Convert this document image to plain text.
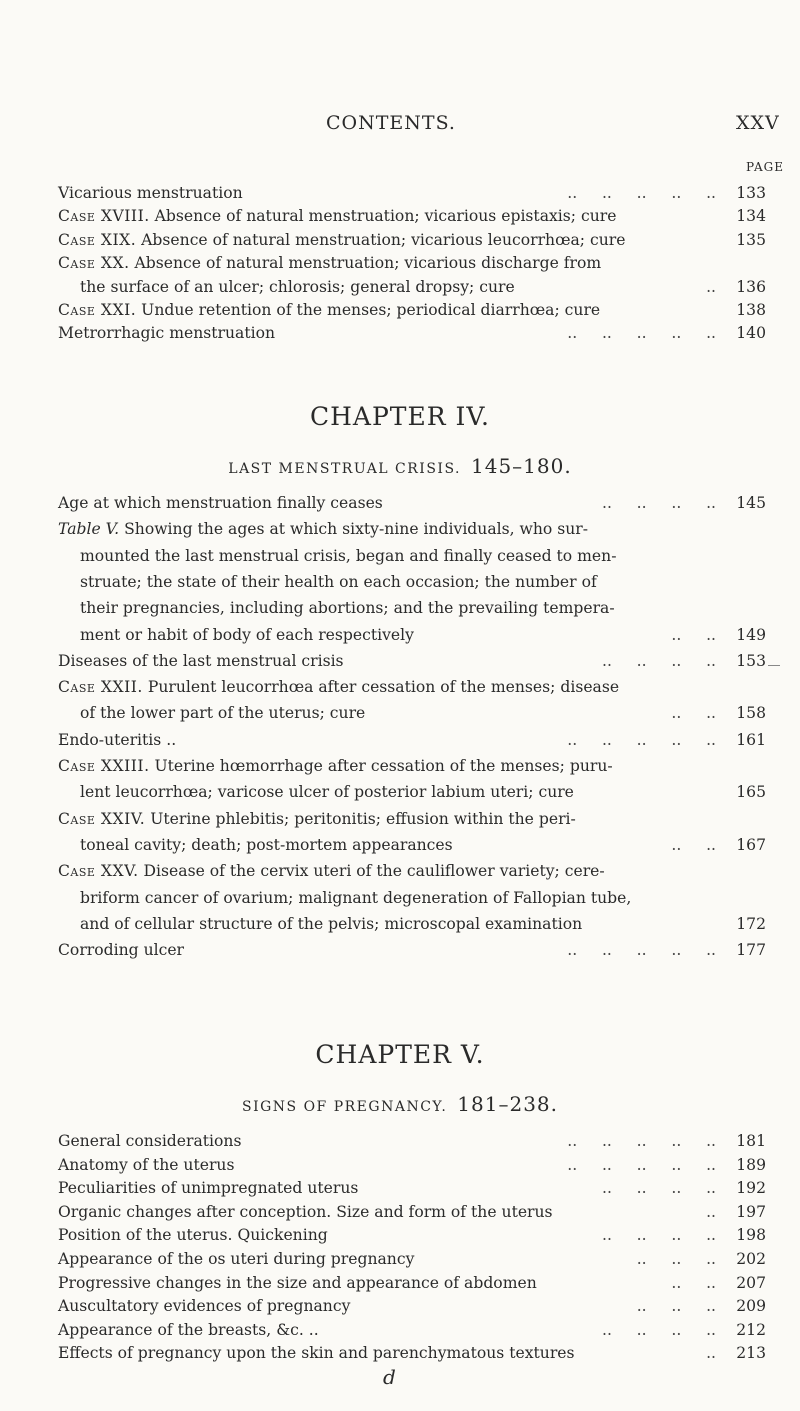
CONTENTS.	XXV
PAGE
Vicarious menstruation	..     ..     ..     ..     .. 133
Case XVIII. Absence of natural menstruation; vicarious epistaxis; cure	134
Case XIX. Absence of natural menstruation; vicarious leucorrhœa; cure	135
Case XX. Absence of natural menstruation; vicarious discharge from
the surface of an ulcer; chlorosis; general dropsy; cure	.. 136
Case XXI. Undue retention of the menses; periodical diarrhœa; cure	138
Metrorrhagic menstruation	..     ..     ..     ..     .. 140
CHAPTER IV.
LAST MENSTRUAL CRISIS. 145–180.
Age at which menstruation finally ceases	..     ..     ..     .. 145
Table V. Showing the ages at which sixty-nine individuals, who sur-
mounted the last menstrual crisis, began and finally ceased to men-
struate; the state of their health on each occasion; the number of
their pregnancies, including abortions; and the prevailing tempera-
ment or habit of body of each respectively	..     .. 149
Diseases of the last menstrual crisis	..     ..     ..     .. 153
Case XXII. Purulent leucorrhœa after cessation of the menses; disease
of the lower part of the uterus; cure	..     .. 158
Endo-uteritis ..	..     ..     ..     ..     .. 161
Case XXIII. Uterine hœmorrhage after cessation of the menses; puru-
lent leucorrhœa; varicose ulcer of posterior labium uteri; cure	165
Case XXIV. Uterine phlebitis; peritonitis; effusion within the peri-
toneal cavity; death; post-mortem appearances	..     .. 167
Case XXV. Disease of the cervix uteri of the cauliflower variety; cere-
briform cancer of ovarium; malignant degeneration of Fallopian tube,
and of cellular structure of the pelvis; microscopal examination	172
Corroding ulcer	..     ..     ..     ..     .. 177
CHAPTER V.
SIGNS OF PREGNANCY. 181–238.
General considerations	..     ..     ..     ..     .. 181
Anatomy of the uterus	..     ..     ..     ..     .. 189
Peculiarities of unimpregnated uterus	..     ..     ..     .. 192
Organic changes after conception. Size and form of the uterus	.. 197
Position of the uterus. Quickening	..     ..     ..     .. 198
Appearance of the os uteri during pregnancy	..     ..     .. 202
Progressive changes in the size and appearance of abdomen	..     .. 207
Auscultatory evidences of pregnancy	..     ..     .. 209
Appearance of the breasts, &c. ..	..     ..     ..     .. 212
Effects of pregnancy upon the skin and parenchymatous textures	.. 213
d
